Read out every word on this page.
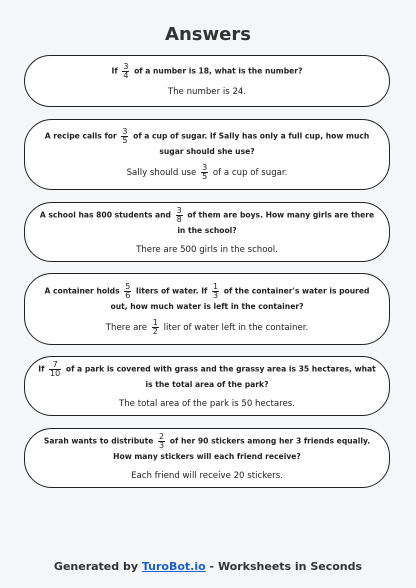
Answers
If $\frac{3}{4}$ of a number is 18, what is the number?
The number is 24.
A recipe calls for $\frac{3}{5}$ of a cup of sugar. If Sally has only a full cup, how much sugar should she use?
Sally should use $\frac{3}{5}$ of a cup of sugar.
A school has 800 students and $\frac{3}{8}$ of them are boys. How many girls are there in the school?
There are 500 girls in the school.
A container holds $\frac{5}{6}$ liters of water. If $\frac{1}{3}$ of the container's water is poured out, how much water is left in the container?
There are $\frac{1}{2}$ liter of water left in the container.
If $\frac{7}{10}$ of a park is covered with grass and the grassy area is 35 hectares, what is the total area of the park?
The total area of the park is 50 hectares.
Sarah wants to distribute $\frac{2}{3}$ of her 90 stickers among her 3 friends equally. How many stickers will each friend receive?
Each friend will receive 20 stickers.
Generated by TuroBot.io - Worksheets in Seconds
